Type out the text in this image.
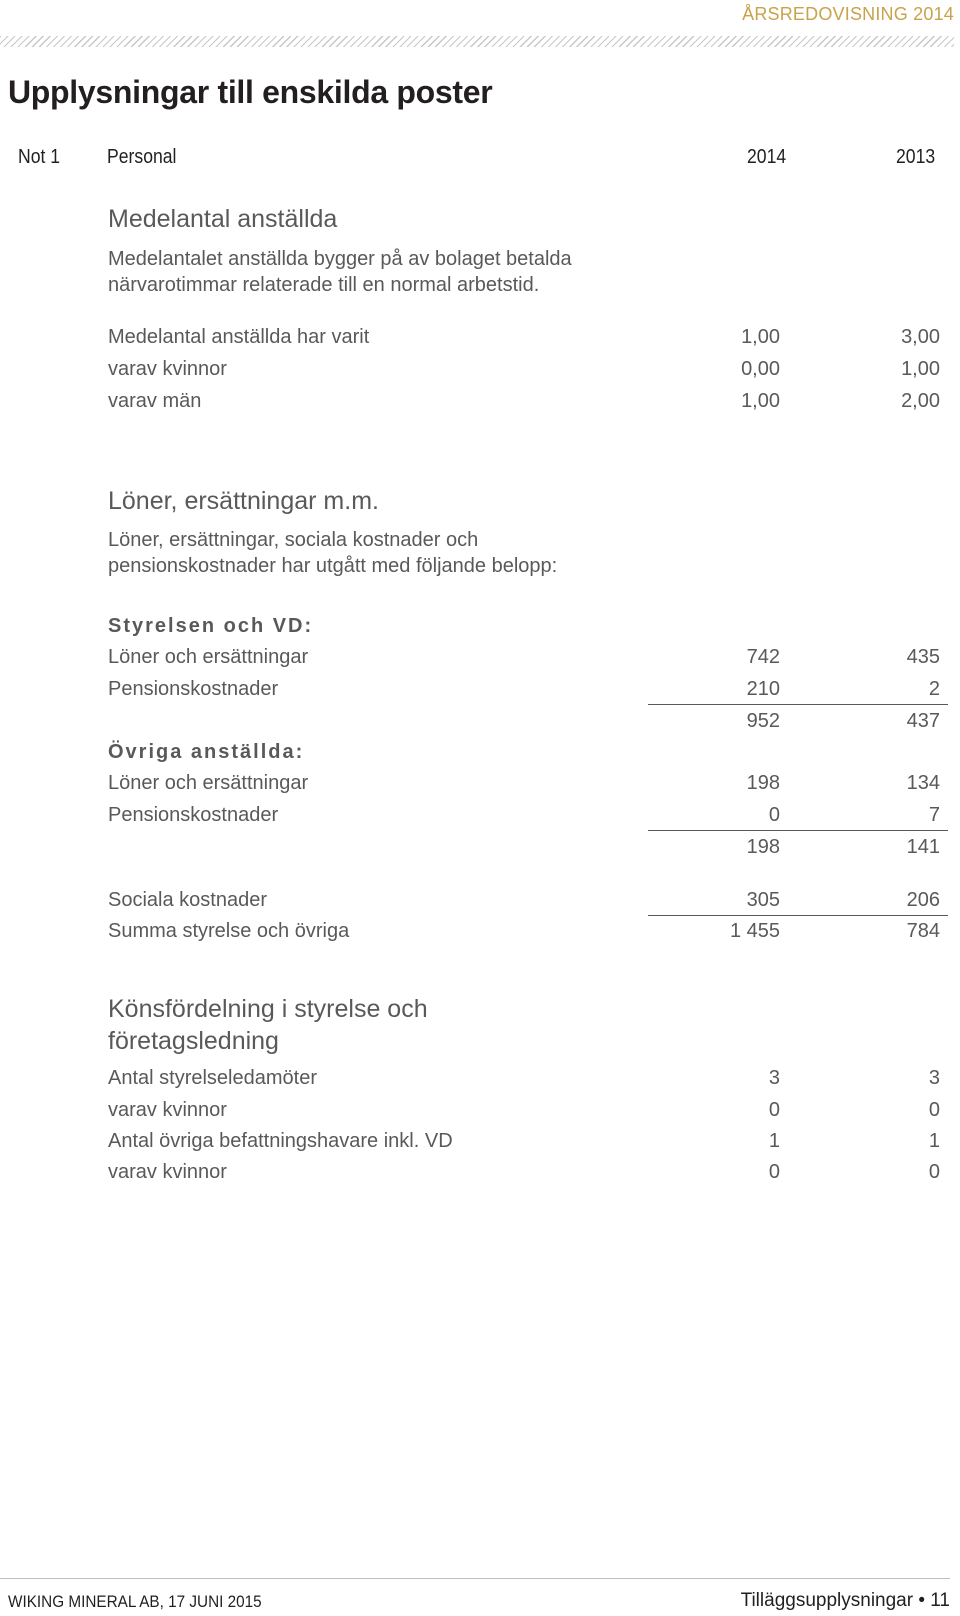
ÅRSREDOVISNING 2014
Upplysningar till enskilda poster
Not 1 Personal	2014	2013
Medelantal anställda
Medelantalet anställda bygger på av bolaget betalda
närvarotimmar relaterade till en normal arbetstid.
Medelantal anställda har varit	1,00	3,00
varav kvinnor	0,00	1,00
varav män	1,00	2,00
Löner, ersättningar m.m.
Löner, ersättningar, sociala kostnader och
pensionskostnader har utgått med följande belopp:
Styrelsen och VD:
Löner och ersättningar	742	435
Pensionskostnader	210	2
952	437
Övriga anställda:
Löner och ersättningar	198	134
Pensionskostnader	0	7
198	141
Sociala kostnader	305	206
Summa styrelse och övriga	1 455	784
Könsfördelning i styrelse och
företagsledning
Antal styrelseledamöter	3	3
varav kvinnor	0	0
Antal övriga befattningshavare inkl. VD	1	1
varav kvinnor	0	0
WIKING MINERAL AB, 17 JUNI 2015	Tilläggsupplysningar • 11
